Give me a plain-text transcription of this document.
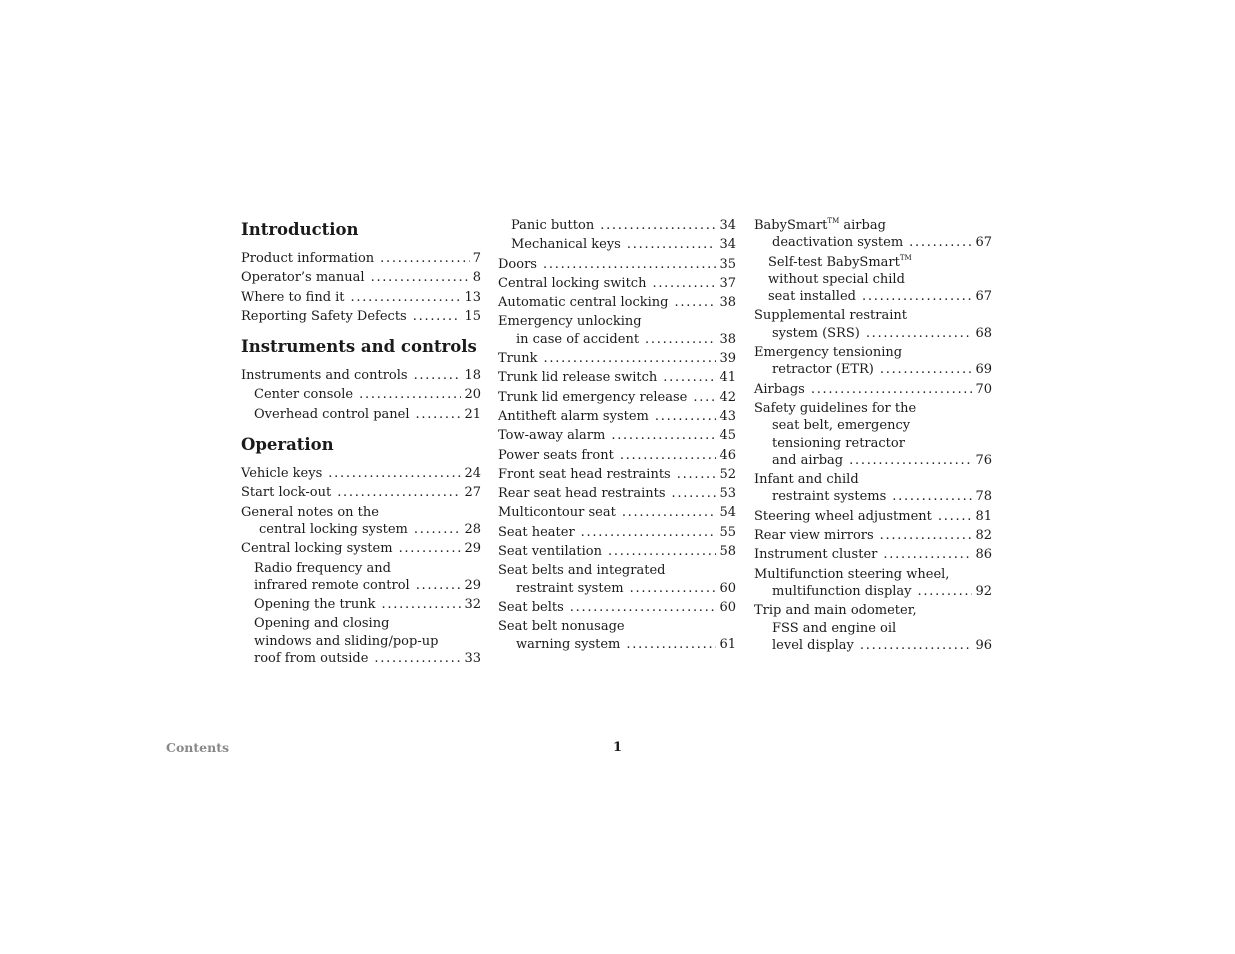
Introduction
Product information . . .	7
Operator’s manual . . .	8
Where to find it . . .	13
Reporting Safety Defects . . .	15
Instruments and controls
Instruments and controls . . .	18
Center console . . .	20
Overhead control panel . . .	21
Operation
Vehicle keys . . .	24
Start lock-out . . .	27
General notes on the
central locking system . . .	28
Central locking system . . .	29
Radio frequency and
infrared remote control . . .	29
Opening the trunk . . .	32
Opening and closing
windows and sliding/pop-up
roof from outside . . .	33
Panic button . . .	34
Mechanical keys . . .	34
Doors . . .	35
Central locking switch . . .	37
Automatic central locking . . .	38
Emergency unlocking
in case of accident . . .	38
Trunk . . .	39
Trunk lid release switch . . .	41
Trunk lid emergency release . . . 42
Antitheft alarm system . . .	43
Tow-away alarm . . .	45
Power seats front . . .	46
Front seat head restraints . . .	52
Rear seat head restraints . . .	53
Multicontour seat . . .	54
Seat heater . . .	55
Seat ventilation . . .	58
Seat belts and integrated
restraint system . . .	60
Seat belts . . .	60
Seat belt nonusage
warning system . . .	61
BabySmart™ airbag
deactivation system . . .	67
Self-test BabySmart™
without special child
seat installed . . .	67
Supplemental restraint
system (SRS) . . .	68
Emergency tensioning
retractor (ETR) . . .	69
Airbags . . .	70
Safety guidelines for the
seat belt, emergency
tensioning retractor
and airbag . . .	76
Infant and child
restraint systems . . .	78
Steering wheel adjustment . . .	81
Rear view mirrors . . .	82
Instrument cluster . . .	86
Multifunction steering wheel,
multifunction display . . .	92
Trip and main odometer,
FSS and engine oil
level display . . .	96
Contents	1
